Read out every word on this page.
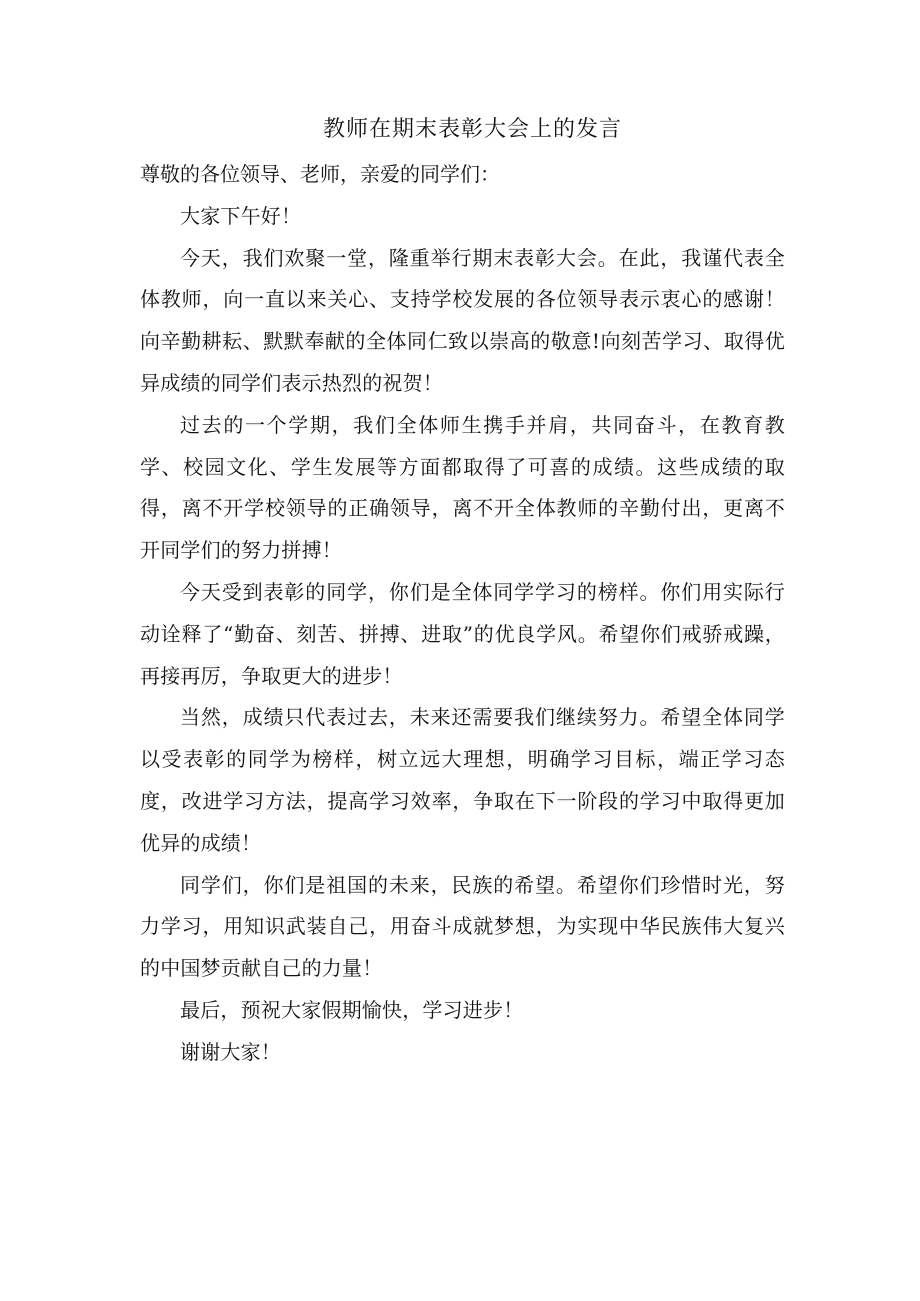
教师在期末表彰大会上的发言

尊敬的各位领导、老师，亲爱的同学们：

大家下午好！

今天，我们欢聚一堂，隆重举行期末表彰大会。在此，我谨代表全体教师，向一直以来关心、支持学校发展的各位领导表示衷心的感谢！向辛勤耕耘、默默奉献的全体同仁致以崇高的敬意!向刻苦学习、取得优异成绩的同学们表示热烈的祝贺！

过去的一个学期，我们全体师生携手并肩，共同奋斗，在教育教学、校园文化、学生发展等方面都取得了可喜的成绩。这些成绩的取得，离不开学校领导的正确领导，离不开全体教师的辛勤付出，更离不开同学们的努力拼搏！

今天受到表彰的同学，你们是全体同学学习的榜样。你们用实际行动诠释了“勤奋、刻苦、拼搏、进取”的优良学风。希望你们戒骄戒躁，再接再厉，争取更大的进步！

当然，成绩只代表过去，未来还需要我们继续努力。希望全体同学以受表彰的同学为榜样，树立远大理想，明确学习目标，端正学习态度，改进学习方法，提高学习效率，争取在下一阶段的学习中取得更加优异的成绩！

同学们，你们是祖国的未来，民族的希望。希望你们珍惜时光，努力学习，用知识武装自己，用奋斗成就梦想，为实现中华民族伟大复兴的中国梦贡献自己的力量！

最后，预祝大家假期愉快，学习进步！

谢谢大家！
